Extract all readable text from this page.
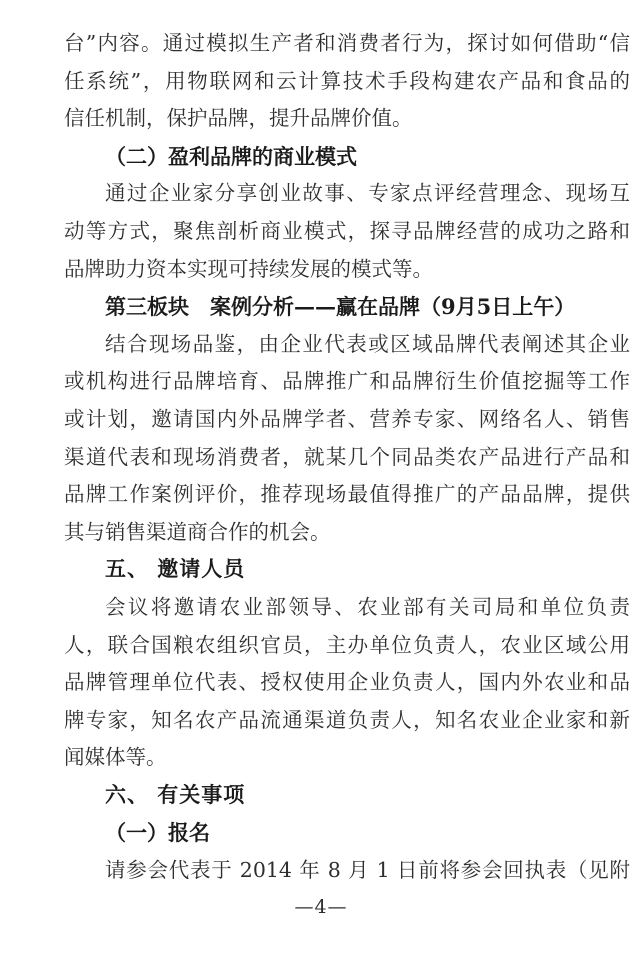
台”内容。通过模拟生产者和消费者行为，探讨如何借助“信
任系统”，用物联网和云计算技术手段构建农产品和食品的
信任机制，保护品牌，提升品牌价值。
（二）盈利品牌的商业模式
通过企业家分享创业故事、专家点评经营理念、现场互
动等方式，聚焦剖析商业模式，探寻品牌经营的成功之路和
品牌助力资本实现可持续发展的模式等。
第三板块　案例分析——赢在品牌（9月5日上午）
结合现场品鉴，由企业代表或区域品牌代表阐述其企业
或机构进行品牌培育、品牌推广和品牌衍生价值挖掘等工作
或计划，邀请国内外品牌学者、营养专家、网络名人、销售
渠道代表和现场消费者，就某几个同品类农产品进行产品和
品牌工作案例评价，推荐现场最值得推广的产品品牌，提供
其与销售渠道商合作的机会。
五、 邀请人员
会议将邀请农业部领导、农业部有关司局和单位负责
人，联合国粮农组织官员，主办单位负责人，农业区域公用
品牌管理单位代表、授权使用企业负责人，国内外农业和品
牌专家，知名农产品流通渠道负责人，知名农业企业家和新
闻媒体等。
六、 有关事项
（一）报名
请参会代表于 2014 年 8 月 1 日前将参会回执表（见附
—4—
